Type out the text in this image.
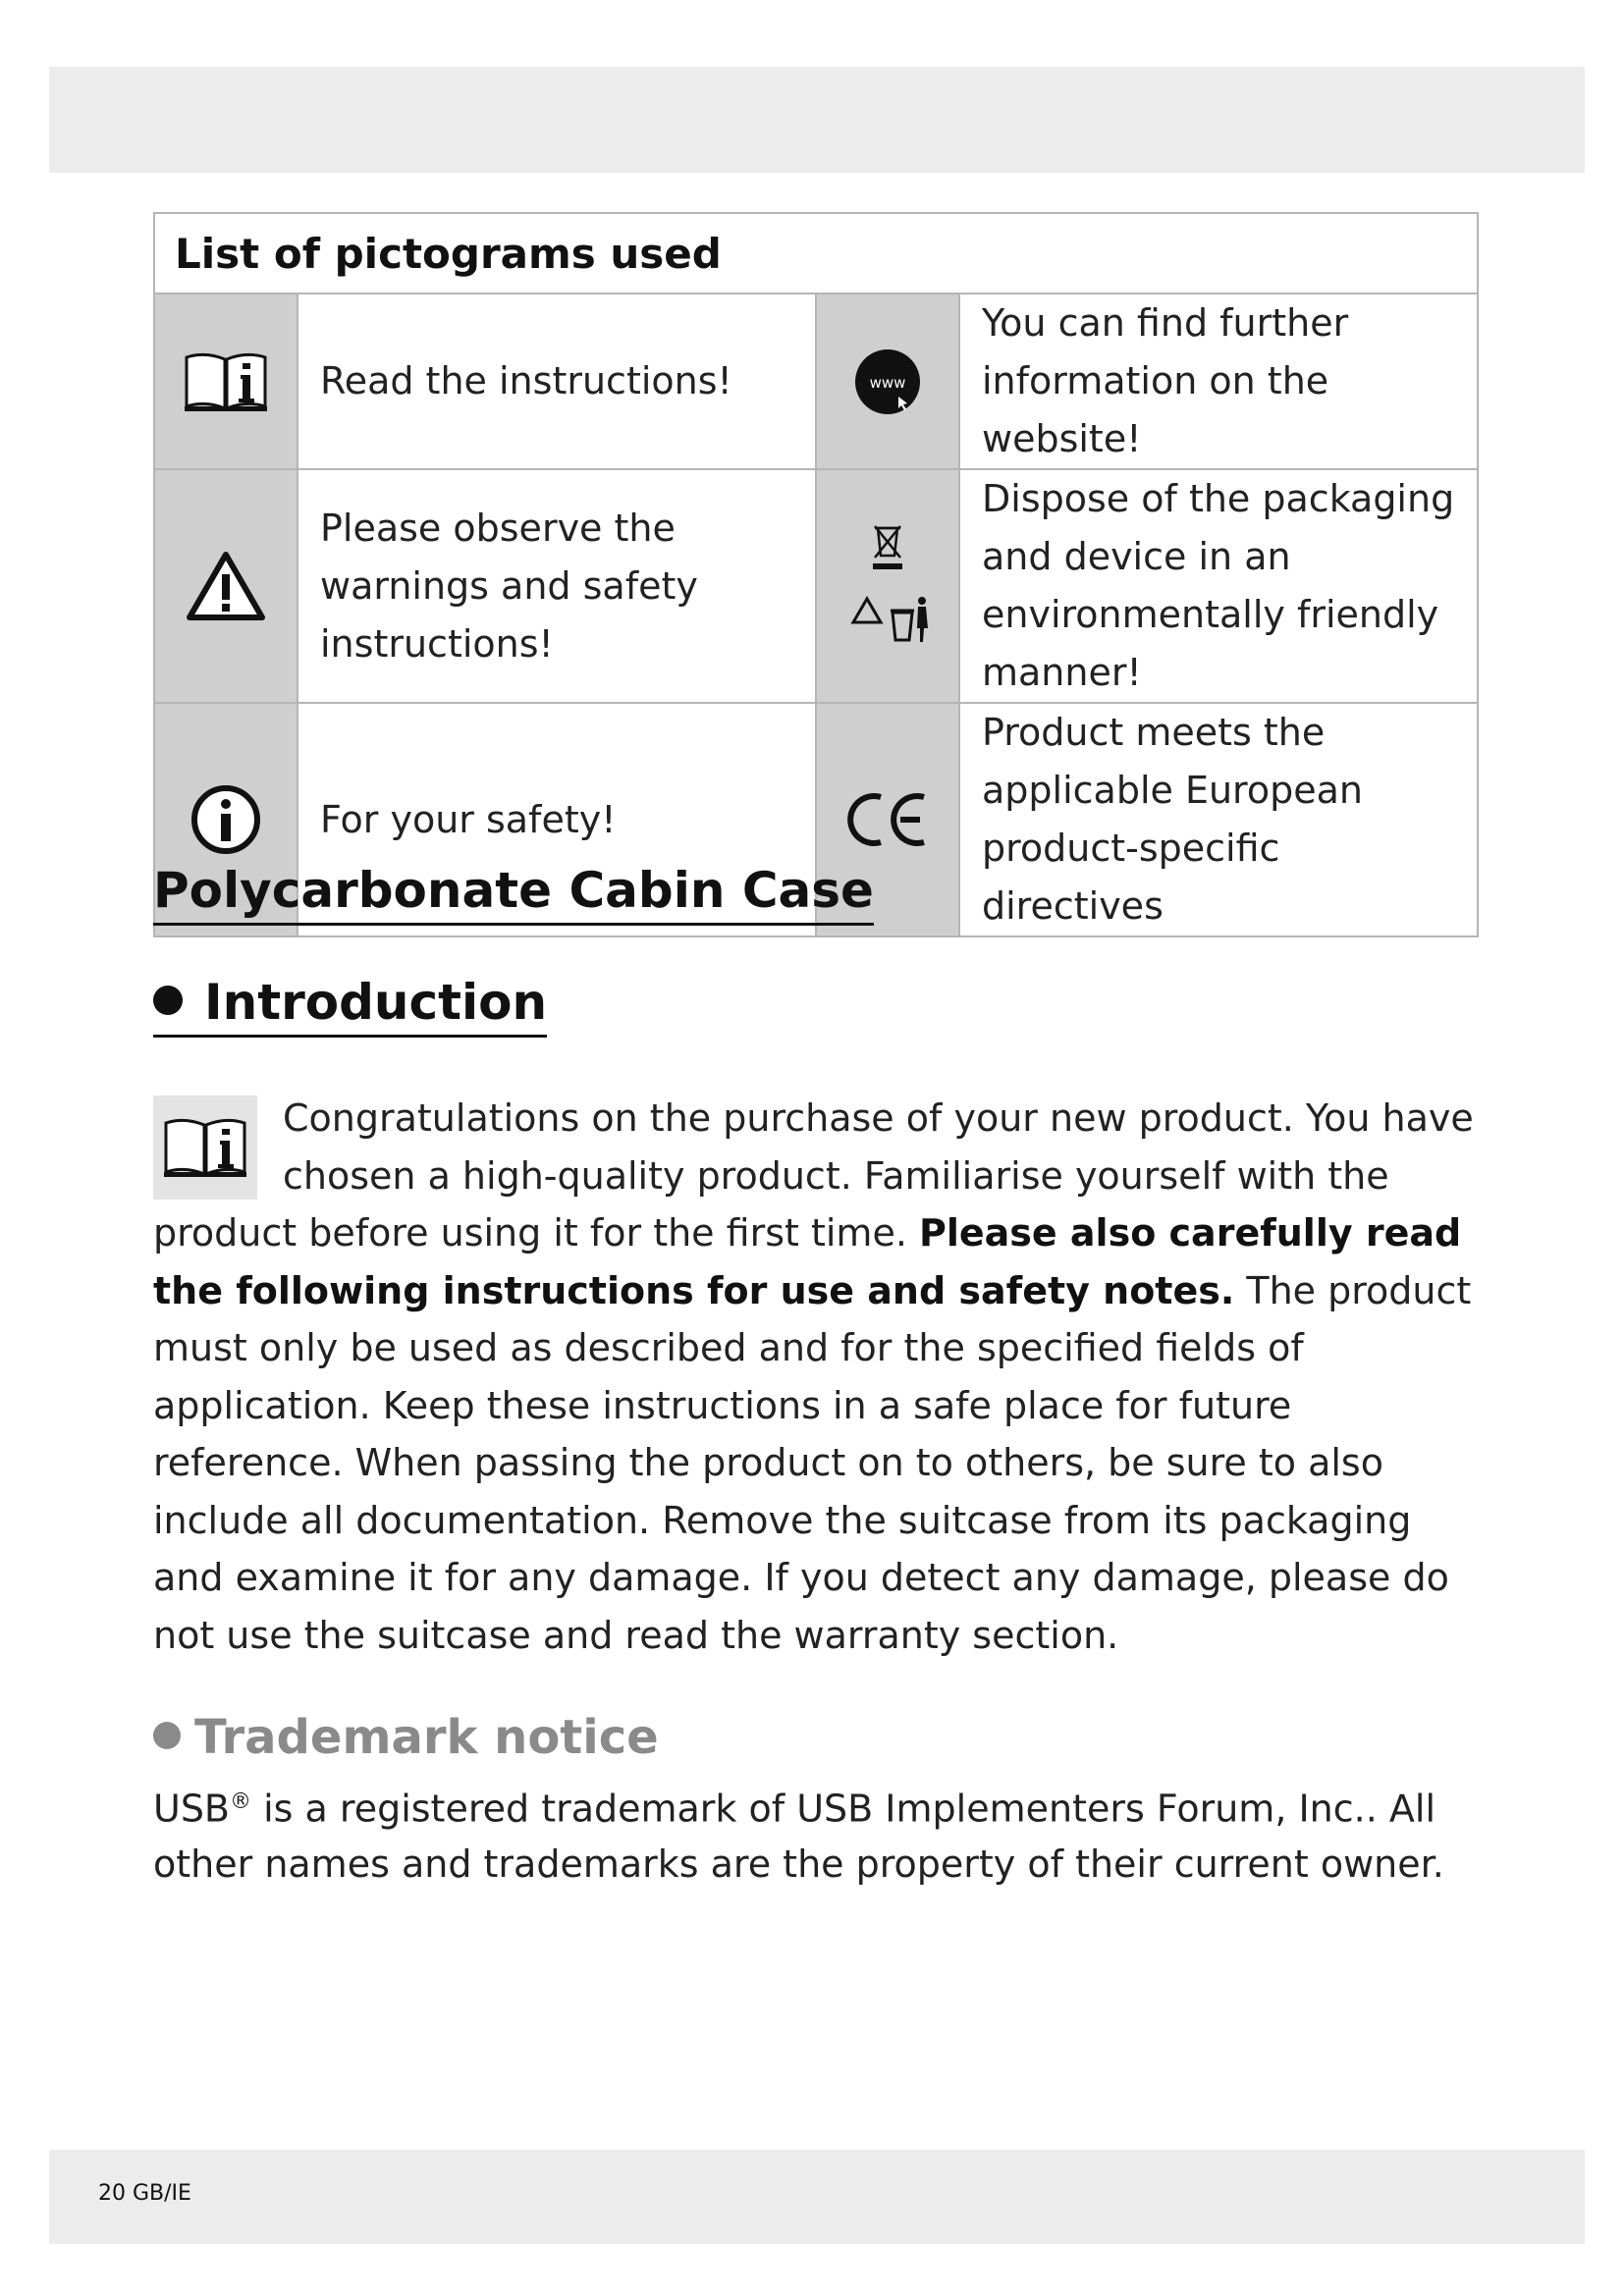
List of pictograms used			
	Read the instructions!	www	You can find further information on the website!
	Please observe the warnings and safety instructions!		Dispose of the packaging and device in an environmentally friendly manner!
	For your safety!		Product meets the applicable European product-specific directives
Polycarbonate Cabin Case
Introduction

Congratulations on the purchase of your new product. You have chosen a high-quality product. Familiarise yourself with the product before using it for the first time. Please also carefully read the following instructions for use and safety notes. The product must only be used as described and for the specified fields of application. Keep these instructions in a safe place for future reference. When passing the product on to others, be sure to also include all documentation. Remove the suitcase from its packaging and examine it for any damage. If you detect any damage, please do not use the suitcase and read the warranty section.

Trademark notice

USB® is a registered trademark of USB Implementers Forum, Inc.. All other names and trademarks are the property of their current owner.

20 GB/IE
